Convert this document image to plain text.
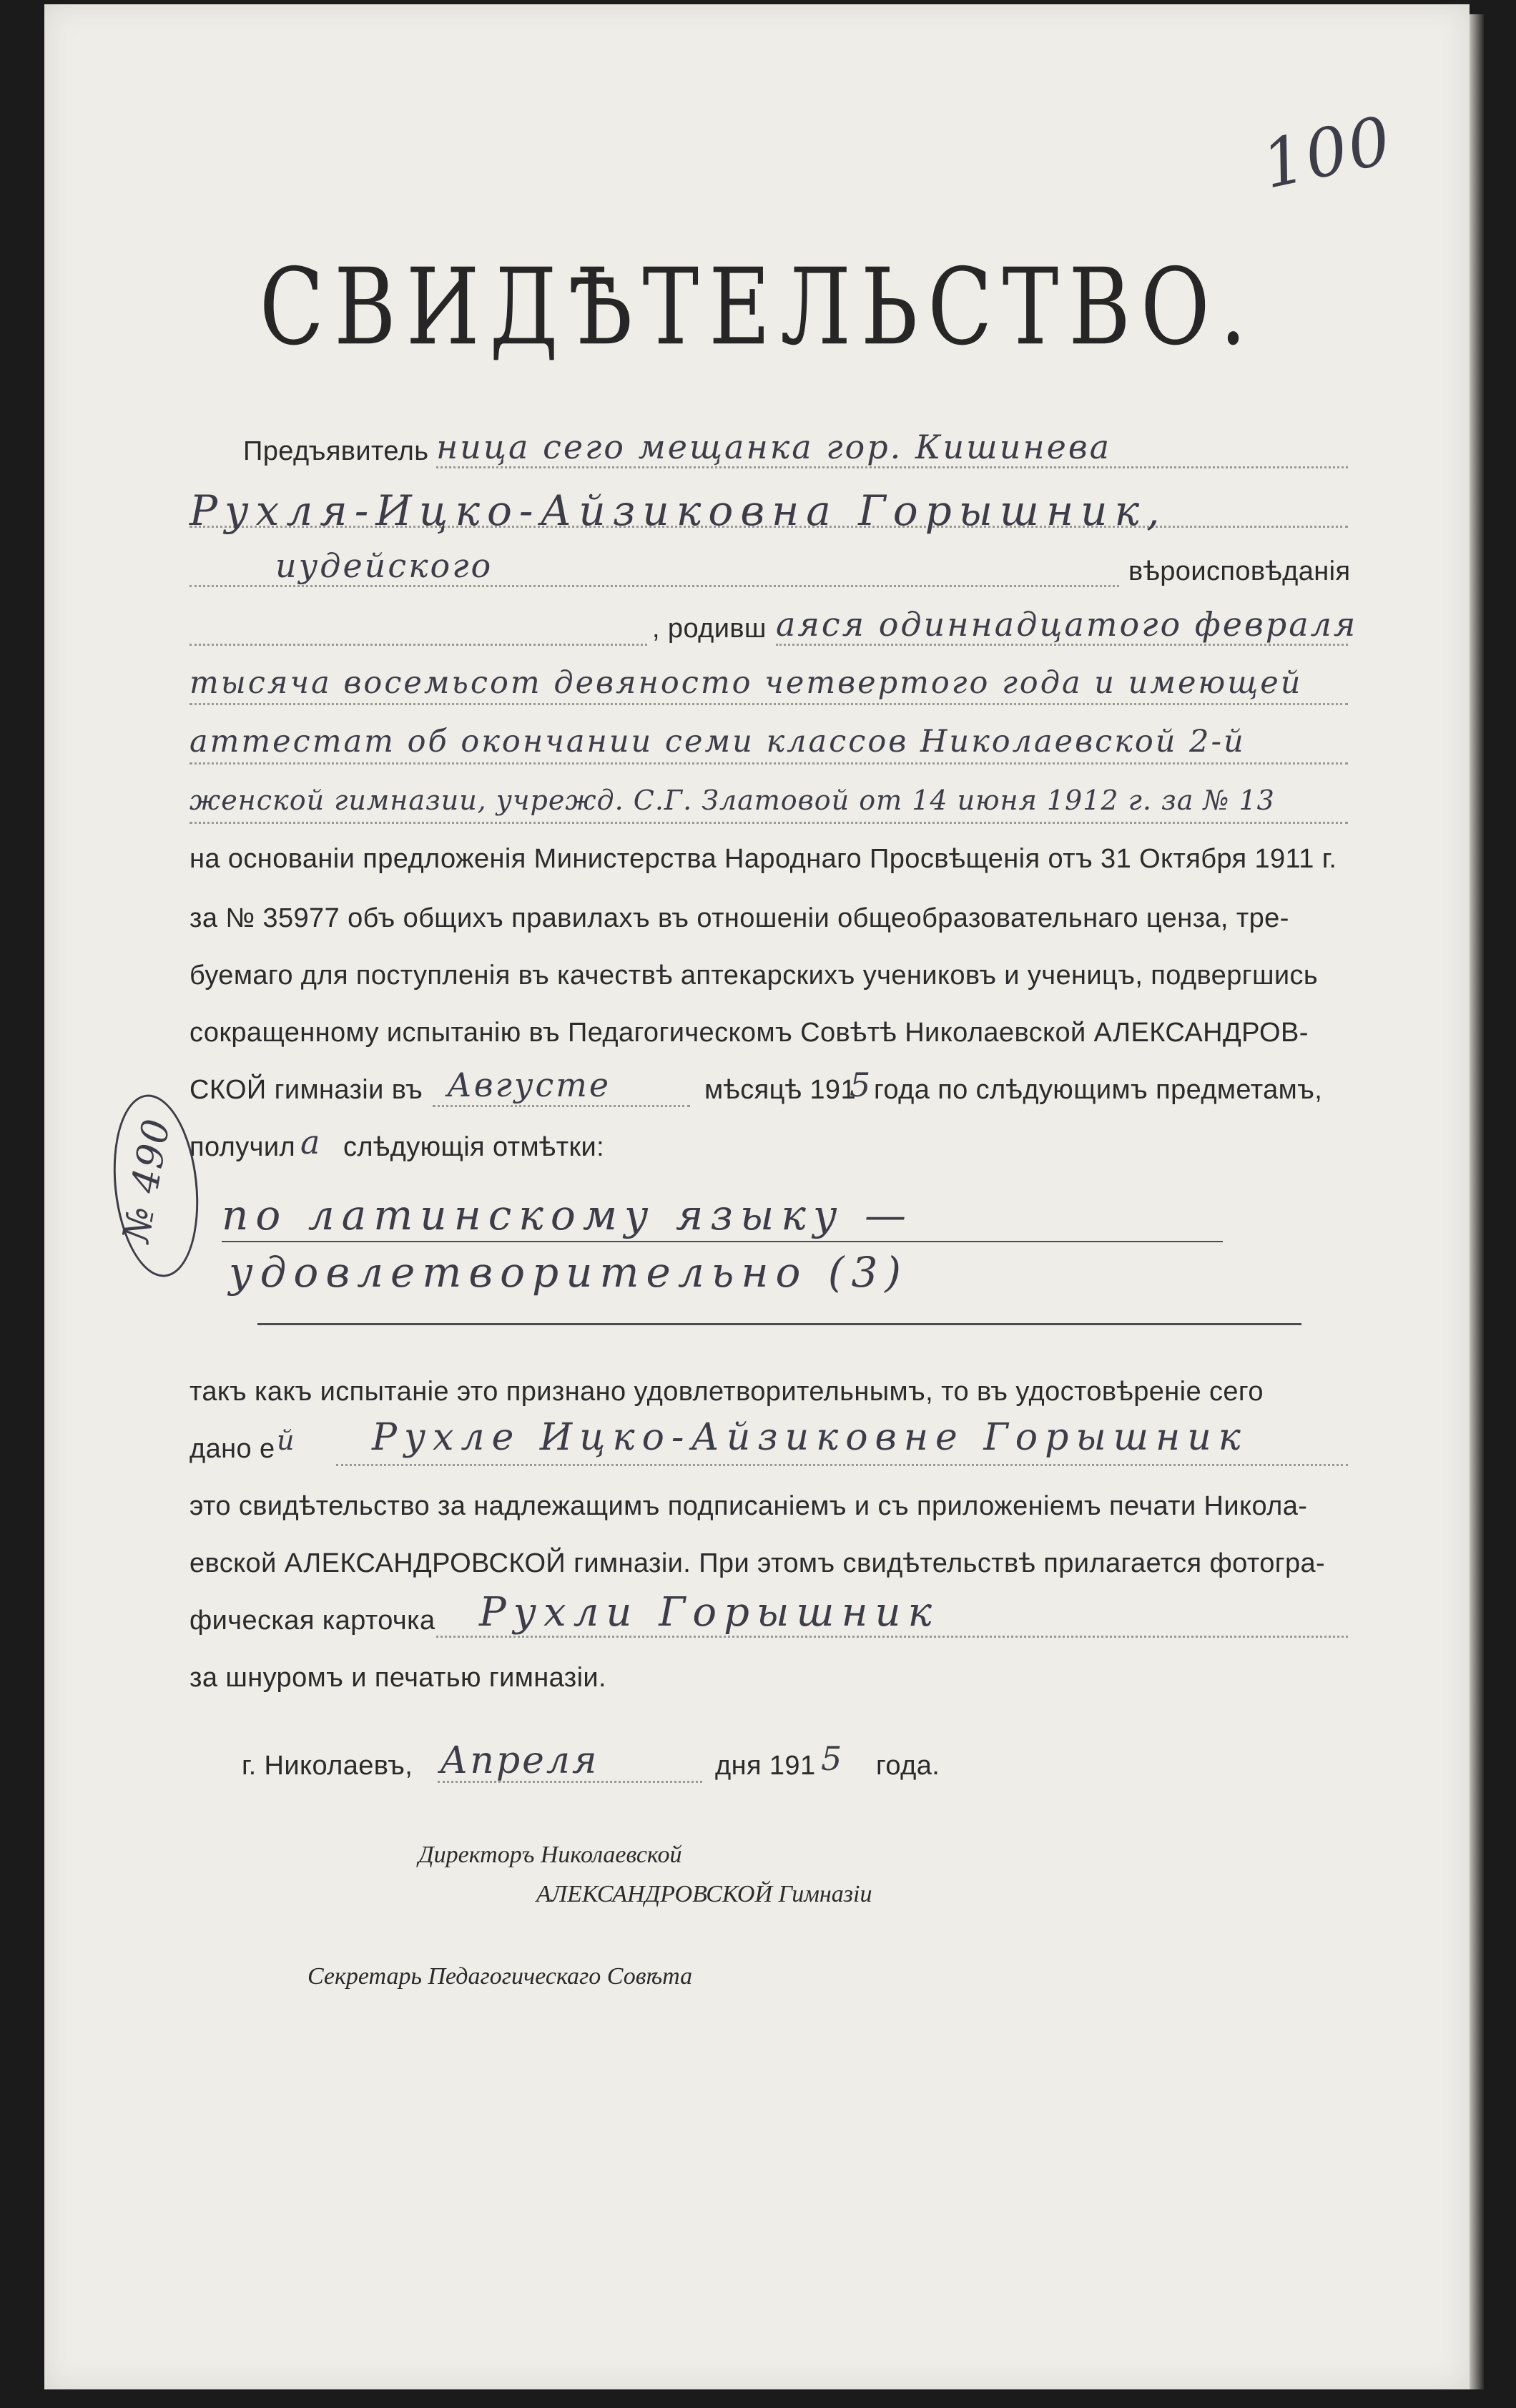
100
СВИДѢТЕЛЬСТВО.
Предъявитель ница сего мещанка гор. Кишинева
Рухля-Ицко-Айзиковна Горышник,
иудейского	вѣроисповѣданія
, родивш аяся одиннадцатого февраля
тысяча восемьсот девяносто четвертого года и имеющей
аттестат об окончании семи классов Николаевской 2-й
женской гимназии, учрежд. С.Г. Златовой от 14 июня 1912 г. за № 13
на основаніи предложенія Министерства Народнаго Просвѣщенія отъ 31 Октября 1911 г.
за № 35977 объ общихъ правилахъ въ отношеніи общеобразовательнаго ценза, тре-
буемаго для поступленія въ качествѣ аптекарскихъ учениковъ и ученицъ, подвергшись
сокращенному испытанію въ Педагогическомъ Совѣтѣ Николаевской АЛЕКСАНДРОВ-
СКОЙ гимназіи въ Августе	мѣсяцѣ 191
5 года по слѣдующимъ предметамъ,
получил а слѣдующія отмѣтки:
по латинскому языку —
удовлетворительно (3)
№ 490
такъ какъ испытаніе это признано удовлетворительнымъ, то въ удостовѣреніе сего
дано е й Рухле Ицко-Айзиковне Горышник
это свидѣтельство за надлежащимъ подписаніемъ и съ приложеніемъ печати Никола-
евской АЛЕКСАНДРОВСКОЙ гимназіи. При этомъ свидѣтельствѣ прилагается фотогра-
фическая карточка Рухли Горышник
за шнуромъ и печатью гимназіи.
г. Николаевъ, Апреля	дня 191 5 года.
Директоръ Николаевской
АЛЕКСАНДРОВСКОЙ Гимназіи
Секретарь Педагогическаго Совѣта
